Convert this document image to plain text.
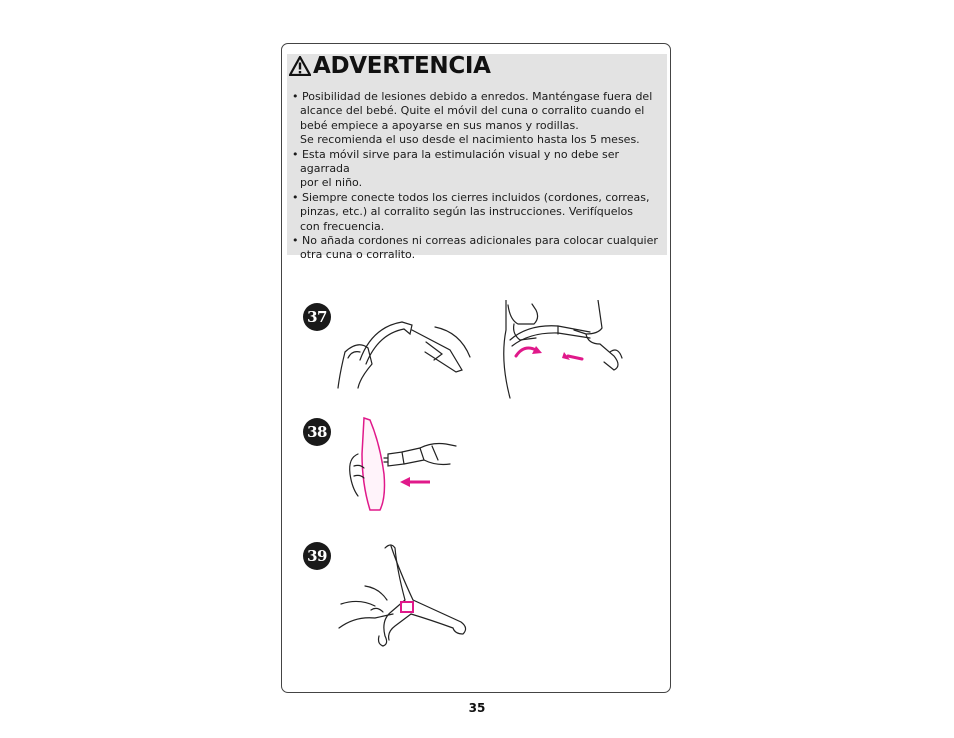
ADVERTENCIA
• Posibilidad de lesiones debido a enredos. Manténgase fuera del
alcance del bebé. Quite el móvil del cuna o corralito cuando el
bebé empiece a apoyarse en sus manos y rodillas.
Se recomienda el uso desde el nacimiento hasta los 5 meses.
• Esta móvil sirve para la estimulación visual y no debe ser agarrada
por el niño.
• Siempre conecte todos los cierres incluidos (cordones, correas,
pinzas, etc.) al corralito según las instrucciones. Verifíquelos
con frecuencia.
• No añada cordones ni correas adicionales para colocar cualquier
otra cuna o corralito.
37
38
39
35
